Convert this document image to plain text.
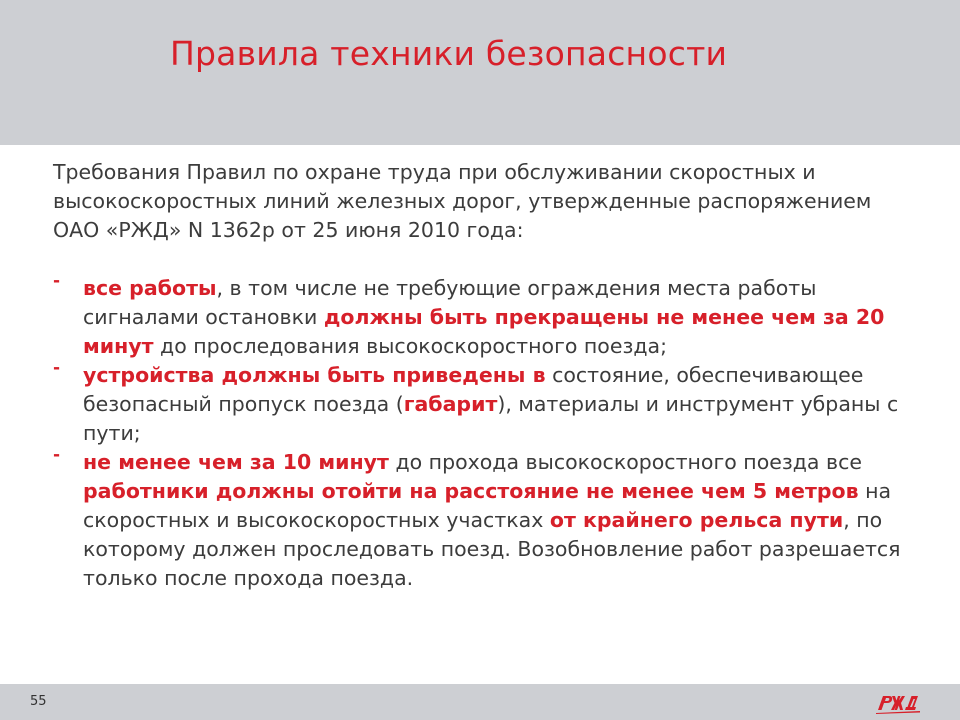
Правила техники безопасности

Требования Правил по охране труда при обслуживании скоростных и высокоскоростных линий железных дорог, утвержденные распоряжением ОАО «РЖД» N 1362р от 25 июня 2010 года:

- все работы, в том числе не требующие ограждения места работы сигналами остановки должны быть прекращены не менее чем за 20 минут до проследования высокоскоростного поезда;
- устройства должны быть приведены в состояние, обеспечивающее безопасный пропуск поезда (габарит), материалы и инструмент убраны с пути;
- не менее чем за 10 минут до прохода высокоскоростного поезда все работники должны отойти на расстояние не менее чем 5 метров на скоростных и высокоскоростных участках от крайнего рельса пути, по которому должен проследовать поезд. Возобновление работ разрешается только после прохода поезда.
55
